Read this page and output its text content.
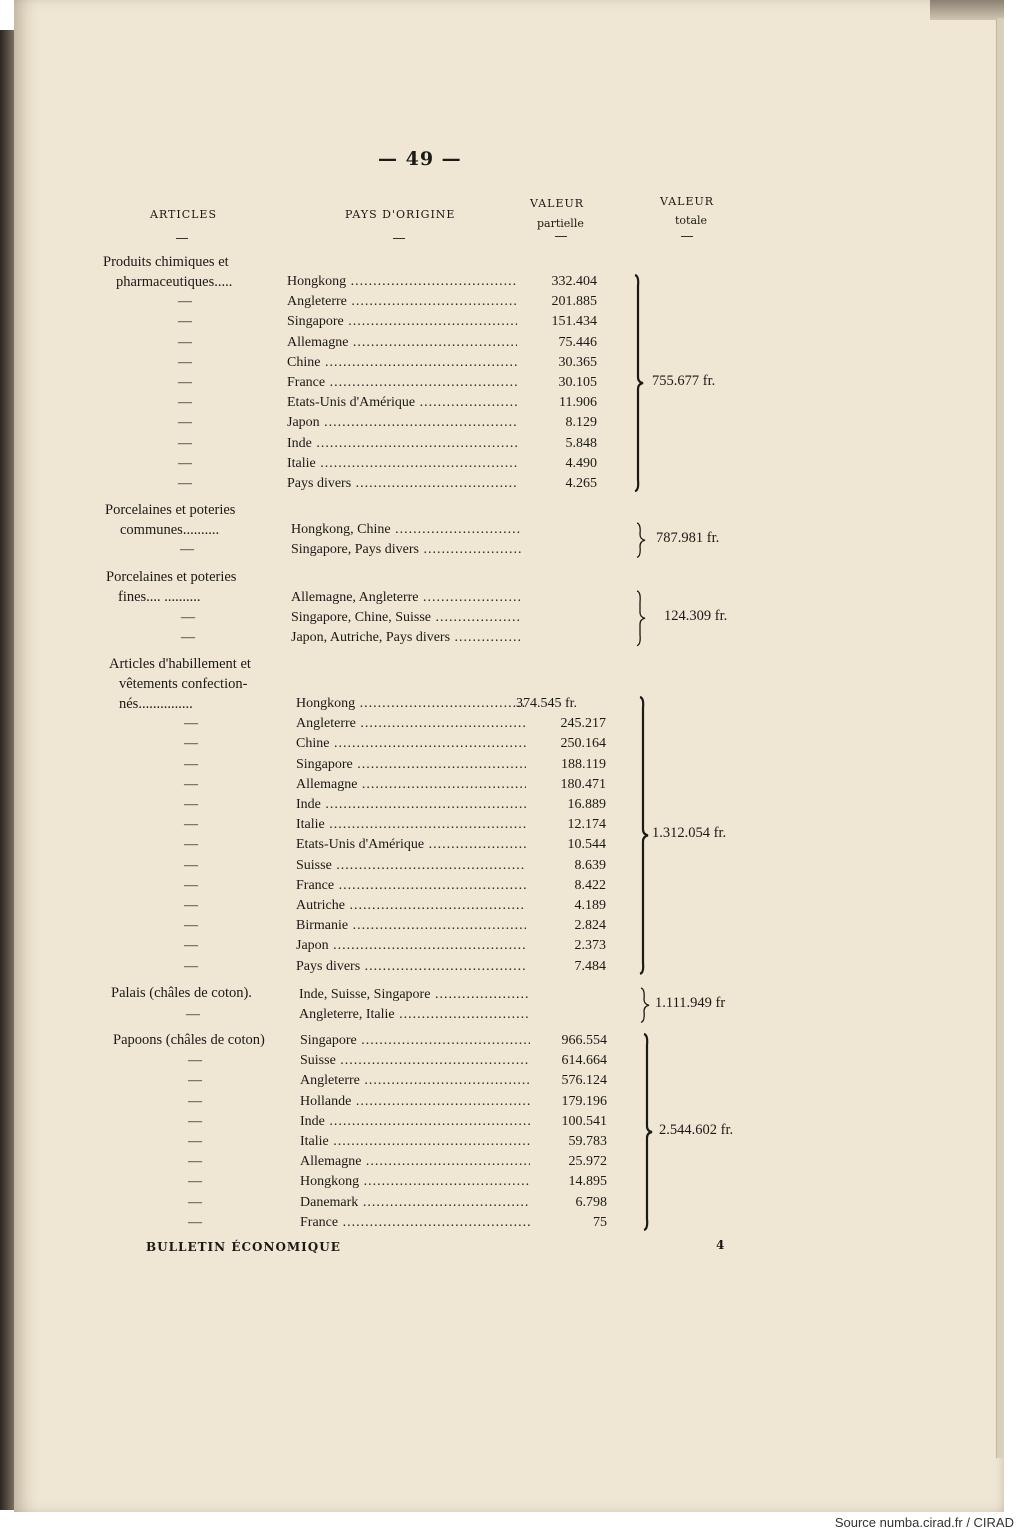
— 49 —
ARTICLES	PAYS D'ORIGINE
VALEUR
partielle
VALEUR
totale
Produits chimiques et
pharmaceutiques.....	Hongkong .....	332.404
—	Angleterre .....	201.885
—	Singapore .....	151.434
—	Allemagne .....	75.446
—	Chine .....	30.365
—	France .....	30.105
—	Etats-Unis d'Amérique .....	11.906
—	Japon .....	8.129
—	Inde .....	5.848
—	Italie .....	4.490
—	Pays divers .....	4.265
755.677 fr.
Porcelaines et poteries
communes..........	Hongkong, Chine .....
—	Singapore, Pays divers .....
787.981 fr.
Porcelaines et poteries
fines.... ..........	Allemagne, Angleterre .....
—	Singapore, Chine, Suisse .....
—	Japon, Autriche, Pays divers .....
124.309 fr.
Articles d'habillement et
vêtements confection-
nés...............	Hongkong .....	374.545 fr.
—	Angleterre .....	245.217
—	Chine .....	250.164
—	Singapore .....	188.119
—	Allemagne .....	180.471
—	Inde .....	16.889
—	Italie .....	12.174
—	Etats-Unis d'Amérique .....	10.544
—	Suisse .....	8.639
—	France .....	8.422
—	Autriche .....	4.189
—	Birmanie .....	2.824
—	Japon .....	2.373
—	Pays divers .....	7.484
1.312.054 fr.
Palais (châles de coton).	Inde, Suisse, Singapore .....
—	Angleterre, Italie .....
1.111.949 fr
Papoons (châles de coton)	Singapore .....	966.554
—	Suisse .....	614.664
—	Angleterre .....	576.124
—	Hollande .....	179.196
—	Inde .....	100.541
—	Italie .....	59.783
—	Allemagne .....	25.972
—	Hongkong .....	14.895
—	Danemark .....	6.798
—	France .....	75
2.544.602 fr.
BULLETIN ÉCONOMIQUE	4
Source numba.cirad.fr / CIRAD
